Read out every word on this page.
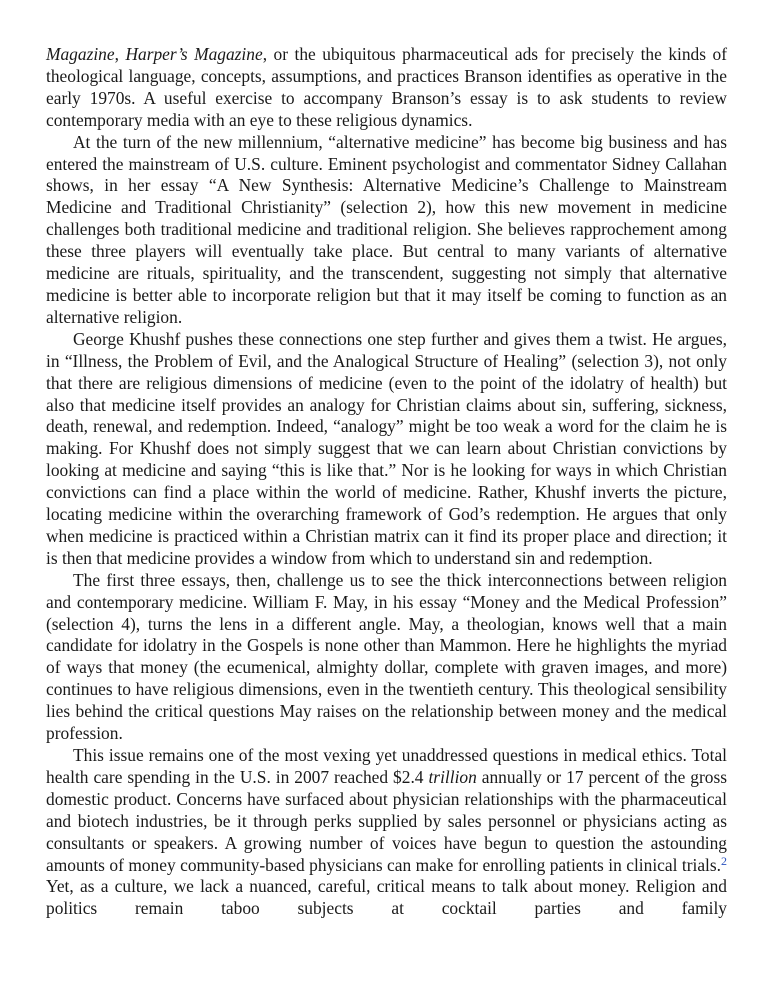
Magazine, Harper’s Magazine, or the ubiquitous pharmaceutical ads for precisely the kinds of theological language, concepts, assumptions, and practices Branson identifies as operative in the early 1970s. A useful exercise to accompany Branson’s essay is to ask students to review contemporary media with an eye to these religious dynamics.

At the turn of the new millennium, “alternative medicine” has become big business and has entered the mainstream of U.S. culture. Eminent psychologist and commentator Sidney Callahan shows, in her essay “A New Synthesis: Alternative Medicine’s Challenge to Mainstream Medicine and Traditional Christianity” (selection 2), how this new movement in medicine challenges both traditional medicine and traditional religion. She believes rapprochement among these three players will eventually take place. But central to many variants of alternative medicine are rituals, spirituality, and the transcendent, suggesting not simply that alternative medicine is better able to incorporate religion but that it may itself be coming to function as an alternative religion.

George Khushf pushes these connections one step further and gives them a twist. He argues, in “Illness, the Problem of Evil, and the Analogical Structure of Healing” (selection 3), not only that there are religious dimensions of medicine (even to the point of the idolatry of health) but also that medicine itself provides an analogy for Christian claims about sin, suffering, sickness, death, renewal, and redemption. Indeed, “analogy” might be too weak a word for the claim he is making. For Khushf does not simply suggest that we can learn about Christian convictions by looking at medicine and saying “this is like that.” Nor is he looking for ways in which Christian convictions can find a place within the world of medicine. Rather, Khushf inverts the picture, locating medicine within the overarching framework of God’s redemption. He argues that only when medicine is practiced within a Christian matrix can it find its proper place and direction; it is then that medicine provides a window from which to understand sin and redemption.

The first three essays, then, challenge us to see the thick interconnections between religion and contemporary medicine. William F. May, in his essay “Money and the Medical Profession” (selection 4), turns the lens in a different angle. May, a theologian, knows well that a main candidate for idolatry in the Gospels is none other than Mammon. Here he highlights the myriad of ways that money (the ecumenical, almighty dollar, complete with graven images, and more) continues to have religious dimensions, even in the twentieth century. This theological sensibility lies behind the critical questions May raises on the relationship between money and the medical profession.

This issue remains one of the most vexing yet unaddressed questions in medical ethics. Total health care spending in the U.S. in 2007 reached $2.4 trillion annually or 17 percent of the gross domestic product. Concerns have surfaced about physician relationships with the pharmaceutical and biotech industries, be it through perks supplied by sales personnel or physicians acting as consultants or speakers. A growing number of voices have begun to question the astounding amounts of money community-based physicians can make for enrolling patients in clinical trials.$^2$ Yet, as a culture, we lack a nuanced, careful, critical means to talk about money. Religion and politics remain taboo subjects at cocktail parties and family
